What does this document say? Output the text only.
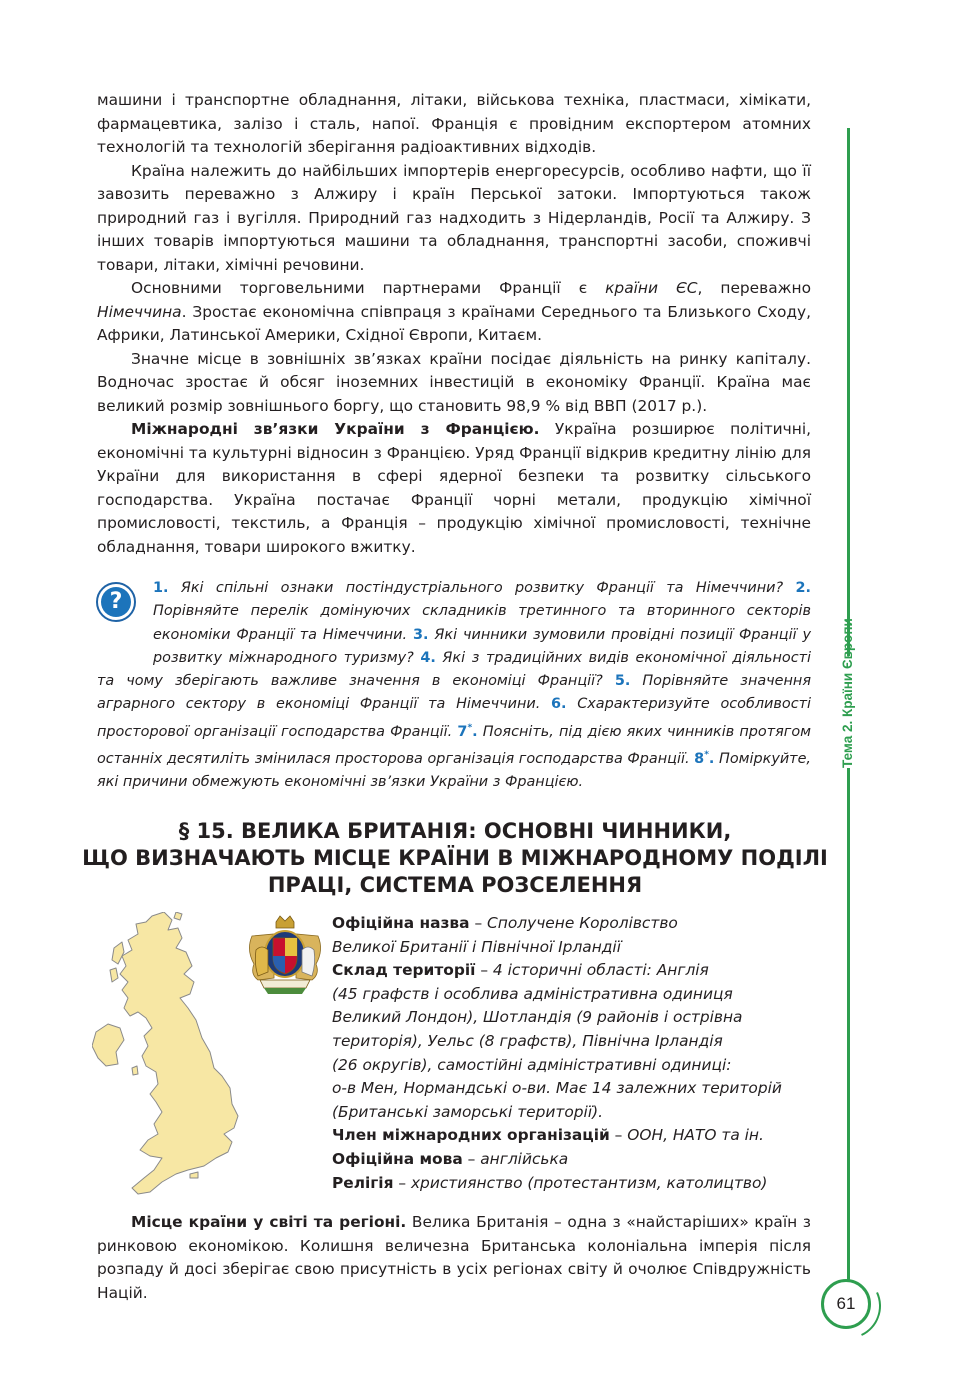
машини і транспортне обладнання, літаки, військова техніка, пластмаси, хімікати, фармацевтика, залізо і сталь, напої. Франція є провідним експортером атомних технологій та технологій зберігання радіоактивних відходів.

Країна належить до найбільших імпортерів енергоресурсів, особливо нафти, що її завозить переважно з Алжиру і країн Перської затоки. Імпортуються також природний газ і вугілля. Природний газ надходить з Нідерландів, Росії та Алжиру. З інших товарів імпортуються машини та обладнання, транспортні засоби, споживчі товари, літаки, хімічні речовини.

Основними торговельними партнерами Франції є країни ЄС, переважно Німеччина. Зростає економічна співпраця з країнами Середнього та Близького Сходу, Африки, Латинської Америки, Східної Європи, Китаєм.

Значне місце в зовнішніх зв’язках країни посідає діяльність на ринку капіталу. Водночас зростає й обсяг іноземних інвестицій в економіку Франції. Країна має великий розмір зовнішнього боргу, що становить 98,9 % від ВВП (2017 р.).

Міжнародні зв’язки України з Францією. Україна розширює політичні, економічні та культурні відносин з Францією. Уряд Франції відкрив кредитну лінію для України для використання в сфері ядерної безпеки та розвитку сільського господарства. Україна постачає Франції чорні метали, продукцію хімічної промисловості, текстиль, а Франція – продукцію хімічної промисловості, технічне обладнання, товари широкого вжитку.

?
1. Які спільні ознаки постіндустріального розвитку Франції та Німеччини? 2. Порівняйте перелік домінуючих складників третинного та вторинного секторів економіки Франції та Німеччини. 3. Які чинники зумовили провідні позиції Франції у розвитку міжнародного туризму? 4. Які з традиційних видів економічної діяльності та чому зберігають важливе значення в економіці Франції? 5. Порівняйте значення аграрного сектору в економіці Франції та Німеччини. 6. Схарактеризуйте особливості просторової організації господарства Франції. 7*. Поясніть, під дією яких чинників протягом останніх десятиліть змінилася просторова організація господарства Франції. 8*. Поміркуйте, які причини обмежують економічні зв’язки України з Францією.
§ 15. ВЕЛИКА БРИТАНІЯ: ОСНОВНІ ЧИННИКИ,
ЩО ВИЗНАЧАЮТЬ МІСЦЕ КРАЇНИ В МІЖНАРОДНОМУ ПОДІЛІ
ПРАЦІ, СИСТЕМА РОЗСЕЛЕННЯ
Офіційна назва – Сполучене Королівство
Великої Британії і Північної Ірландії
Склад території – 4 історичні області: Англія
(45 графств і особлива адміністративна одиниця
Великий Лондон), Шотландія (9 районів і острівна
територія), Уельс (8 графств), Північна Ірландія
(26 округів), самостійні адміністративні одиниці:
о-в Мен, Нормандські о-ви. Має 14 залежних територій
(Британські заморські території).
Член міжнародних організацій – ООН, НАТО та ін.
Офіційна мова – англійська
Релігія – християнство (протестантизм, католицтво)

Місце країни у світі та регіоні. Велика Британія – одна з «найстаріших» країн з ринковою економікою. Колишня величезна Британська колоніальна імперія після розпаду й досі зберігає свою присутність в усіх регіонах світу й очолює Співдружність Націй.

Тема 2. Країни Європи
61
